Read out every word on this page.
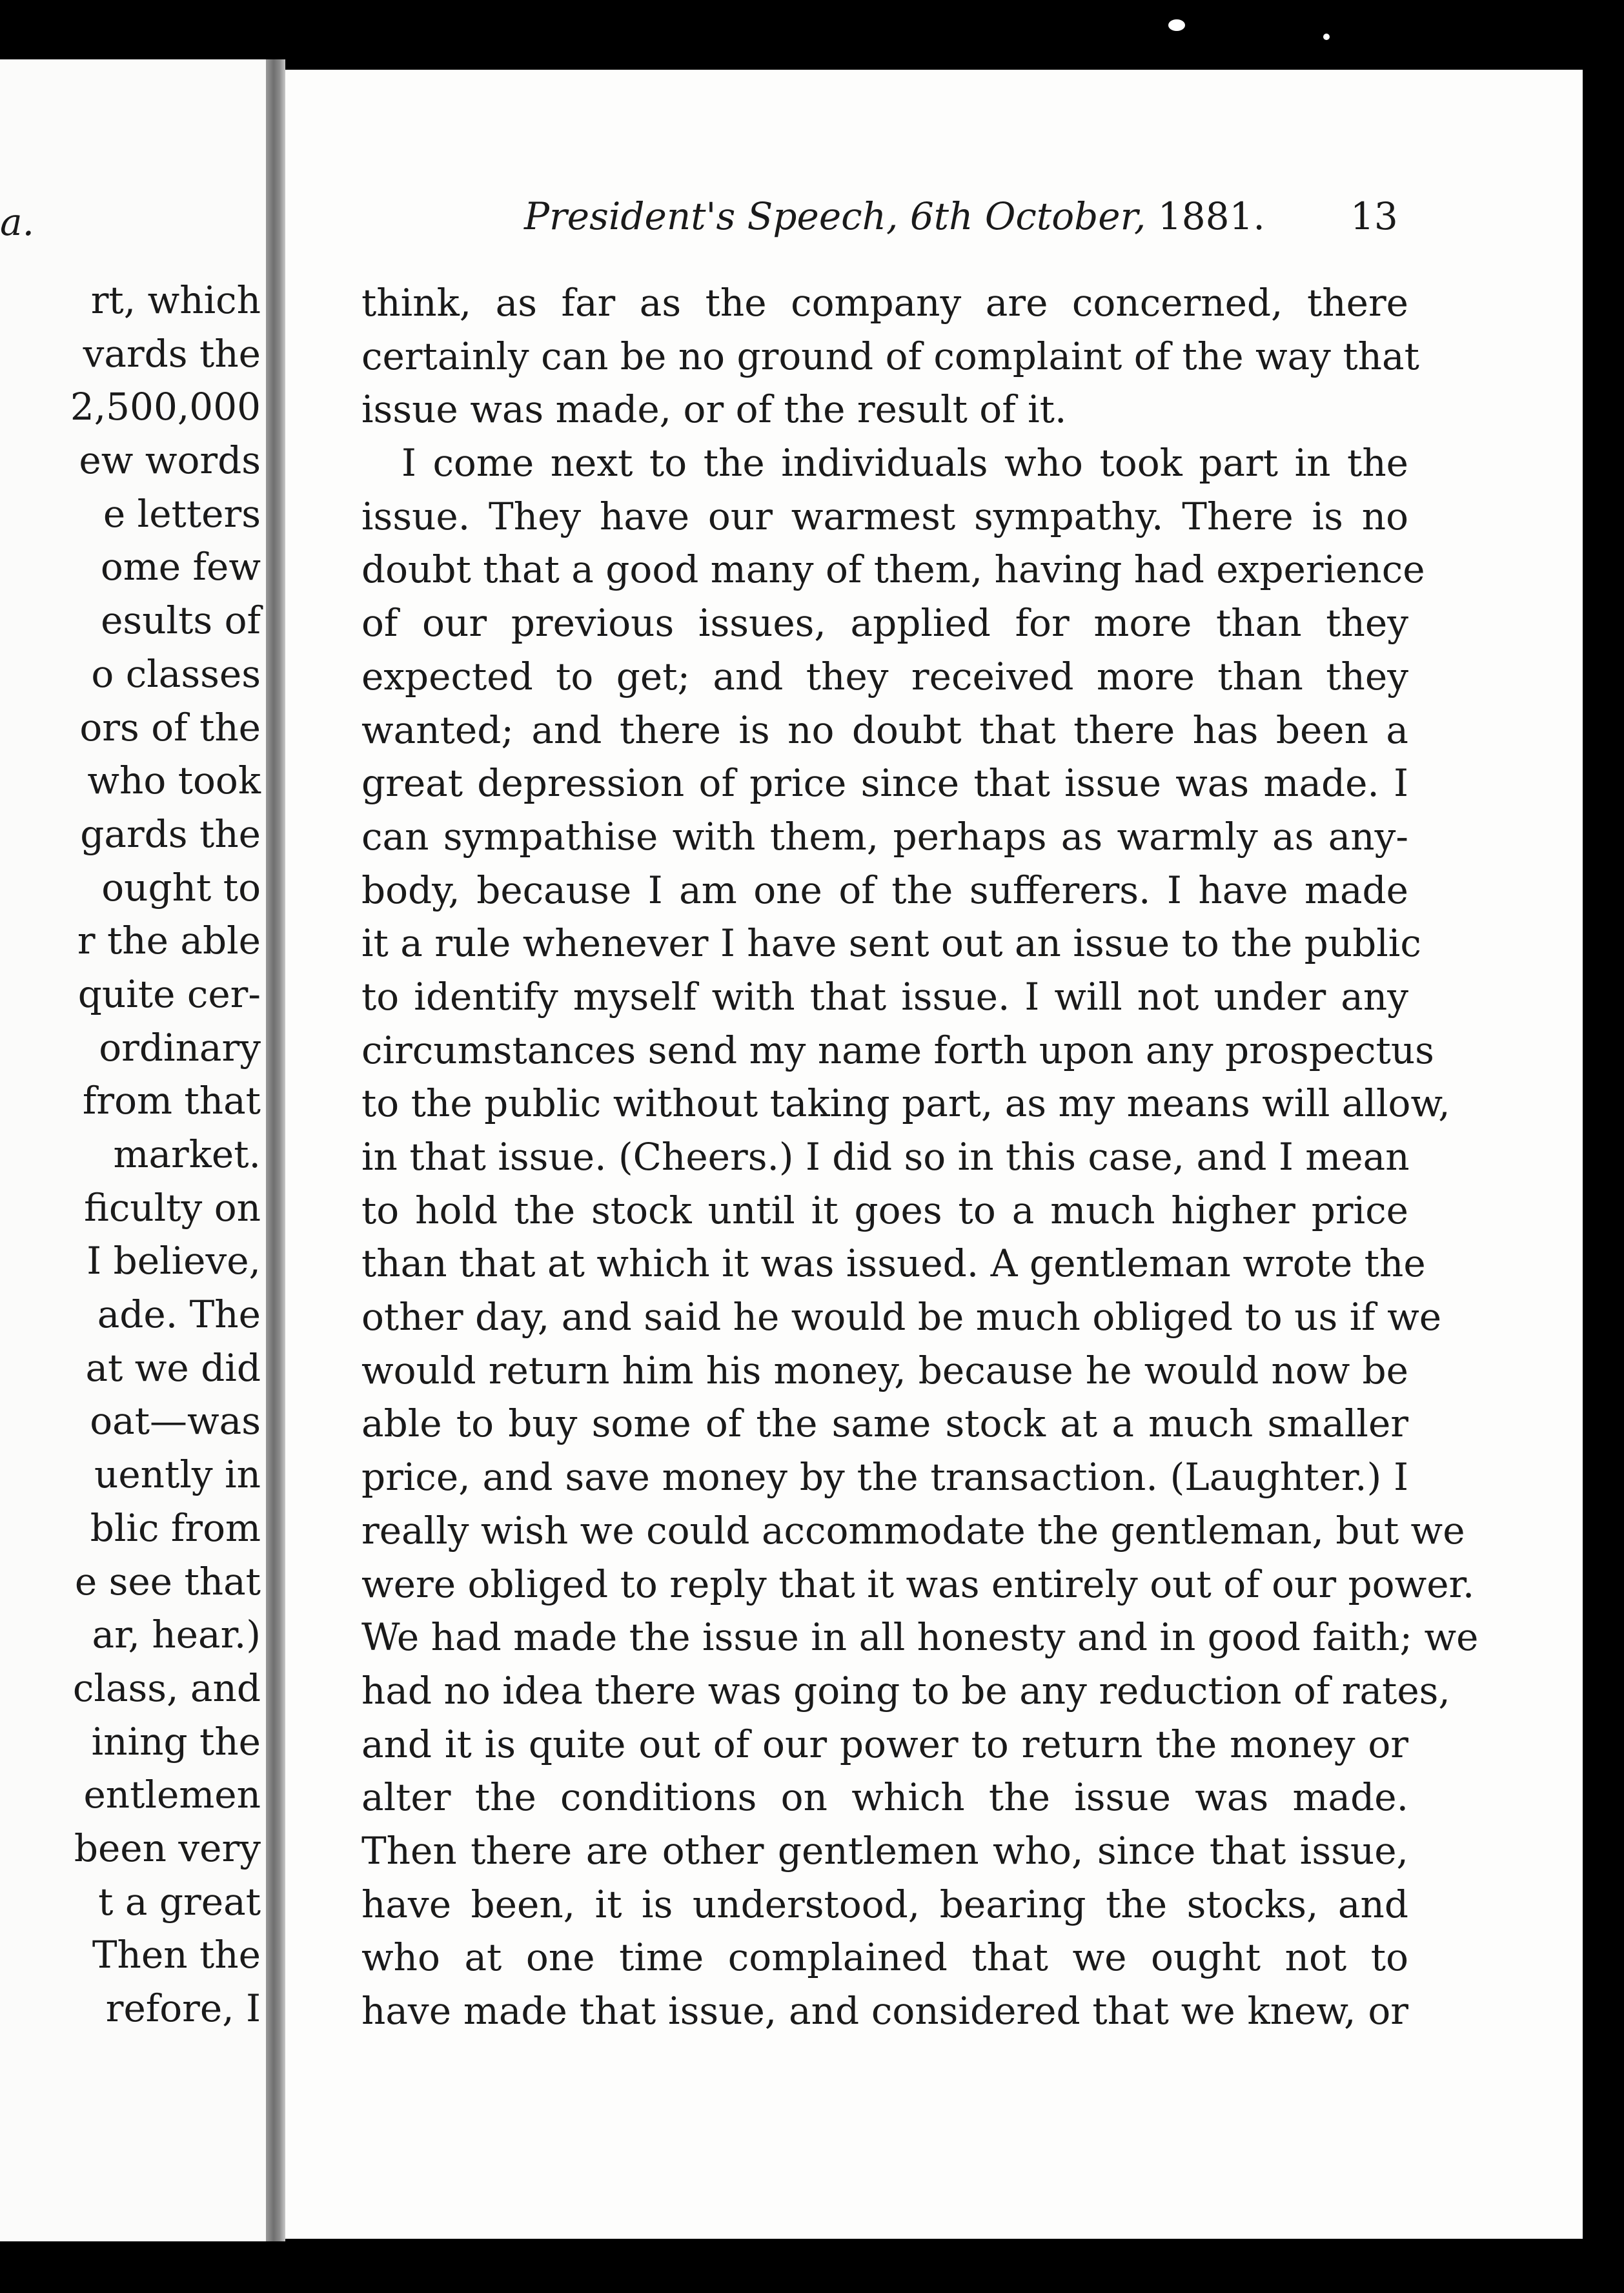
a.
rt, which
vards the
2,500,000
ew words
e letters
ome few
esults of
o classes
ors of the
who took
gards the
ought to
r the able
quite cer-
ordinary
from that
market.
ficulty on
I believe,
ade. The
at we did
oat—was
uently in
blic from
e see that
ar, hear.)
class, and
ining the
entlemen
been very
t a great
Then the
refore, I
President's Speech, 6th October, 1881. 13
think, as far as the company are concerned, there
certainly can be no ground of complaint of the way that
issue was made, or of the result of it.
I come next to the individuals who took part in the
issue. They have our warmest sympathy. There is no
doubt that a good many of them, having had experience
of our previous issues, applied for more than they
expected to get; and they received more than they
wanted; and there is no doubt that there has been a
great depression of price since that issue was made. I
can sympathise with them, perhaps as warmly as any-
body, because I am one of the sufferers. I have made
it a rule whenever I have sent out an issue to the public
to identify myself with that issue. I will not under any
circumstances send my name forth upon any prospectus
to the public without taking part, as my means will allow,
in that issue. (Cheers.) I did so in this case, and I mean
to hold the stock until it goes to a much higher price
than that at which it was issued. A gentleman wrote the
other day, and said he would be much obliged to us if we
would return him his money, because he would now be
able to buy some of the same stock at a much smaller
price, and save money by the transaction. (Laughter.) I
really wish we could accommodate the gentleman, but we
were obliged to reply that it was entirely out of our power.
We had made the issue in all honesty and in good faith; we
had no idea there was going to be any reduction of rates,
and it is quite out of our power to return the money or
alter the conditions on which the issue was made.
Then there are other gentlemen who, since that issue,
have been, it is understood, bearing the stocks, and
who at one time complained that we ought not to
have made that issue, and considered that we knew, or
